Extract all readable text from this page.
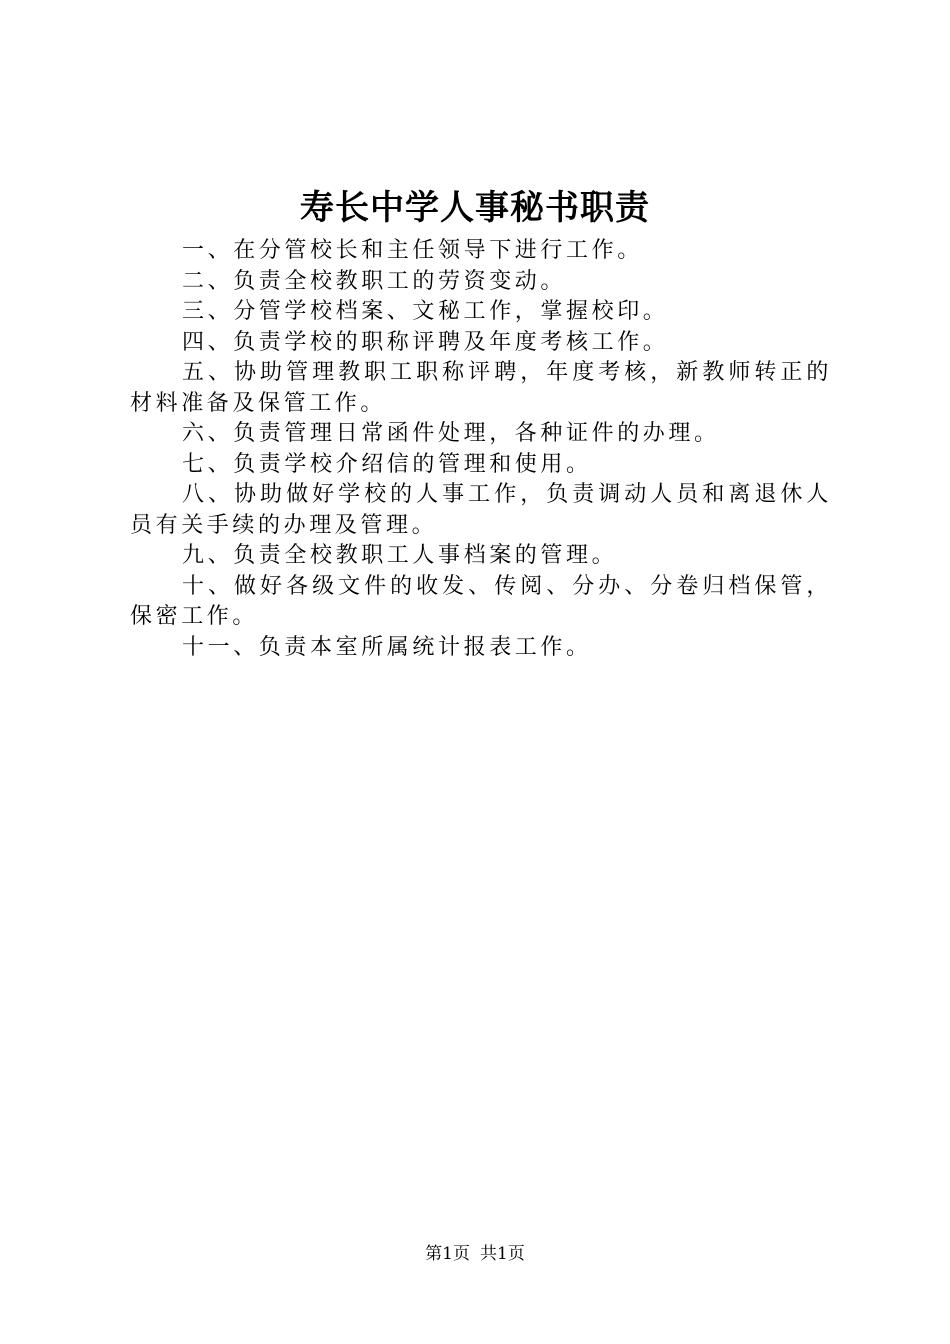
寿长中学人事秘书职责

一、在分管校长和主任领导下进行工作。

二、负责全校教职工的劳资变动。

三、分管学校档案、文秘工作，掌握校印。

四、负责学校的职称评聘及年度考核工作。

五、协助管理教职工职称评聘，年度考核，新教师转正的材料准备及保管工作。

六、负责管理日常函件处理，各种证件的办理。

七、负责学校介绍信的管理和使用。

八、协助做好学校的人事工作，负责调动人员和离退休人员有关手续的办理及管理。

九、负责全校教职工人事档案的管理。

十、做好各级文件的收发、传阅、分办、分卷归档保管，保密工作。

十一、负责本室所属统计报表工作。

第1页 共1页
